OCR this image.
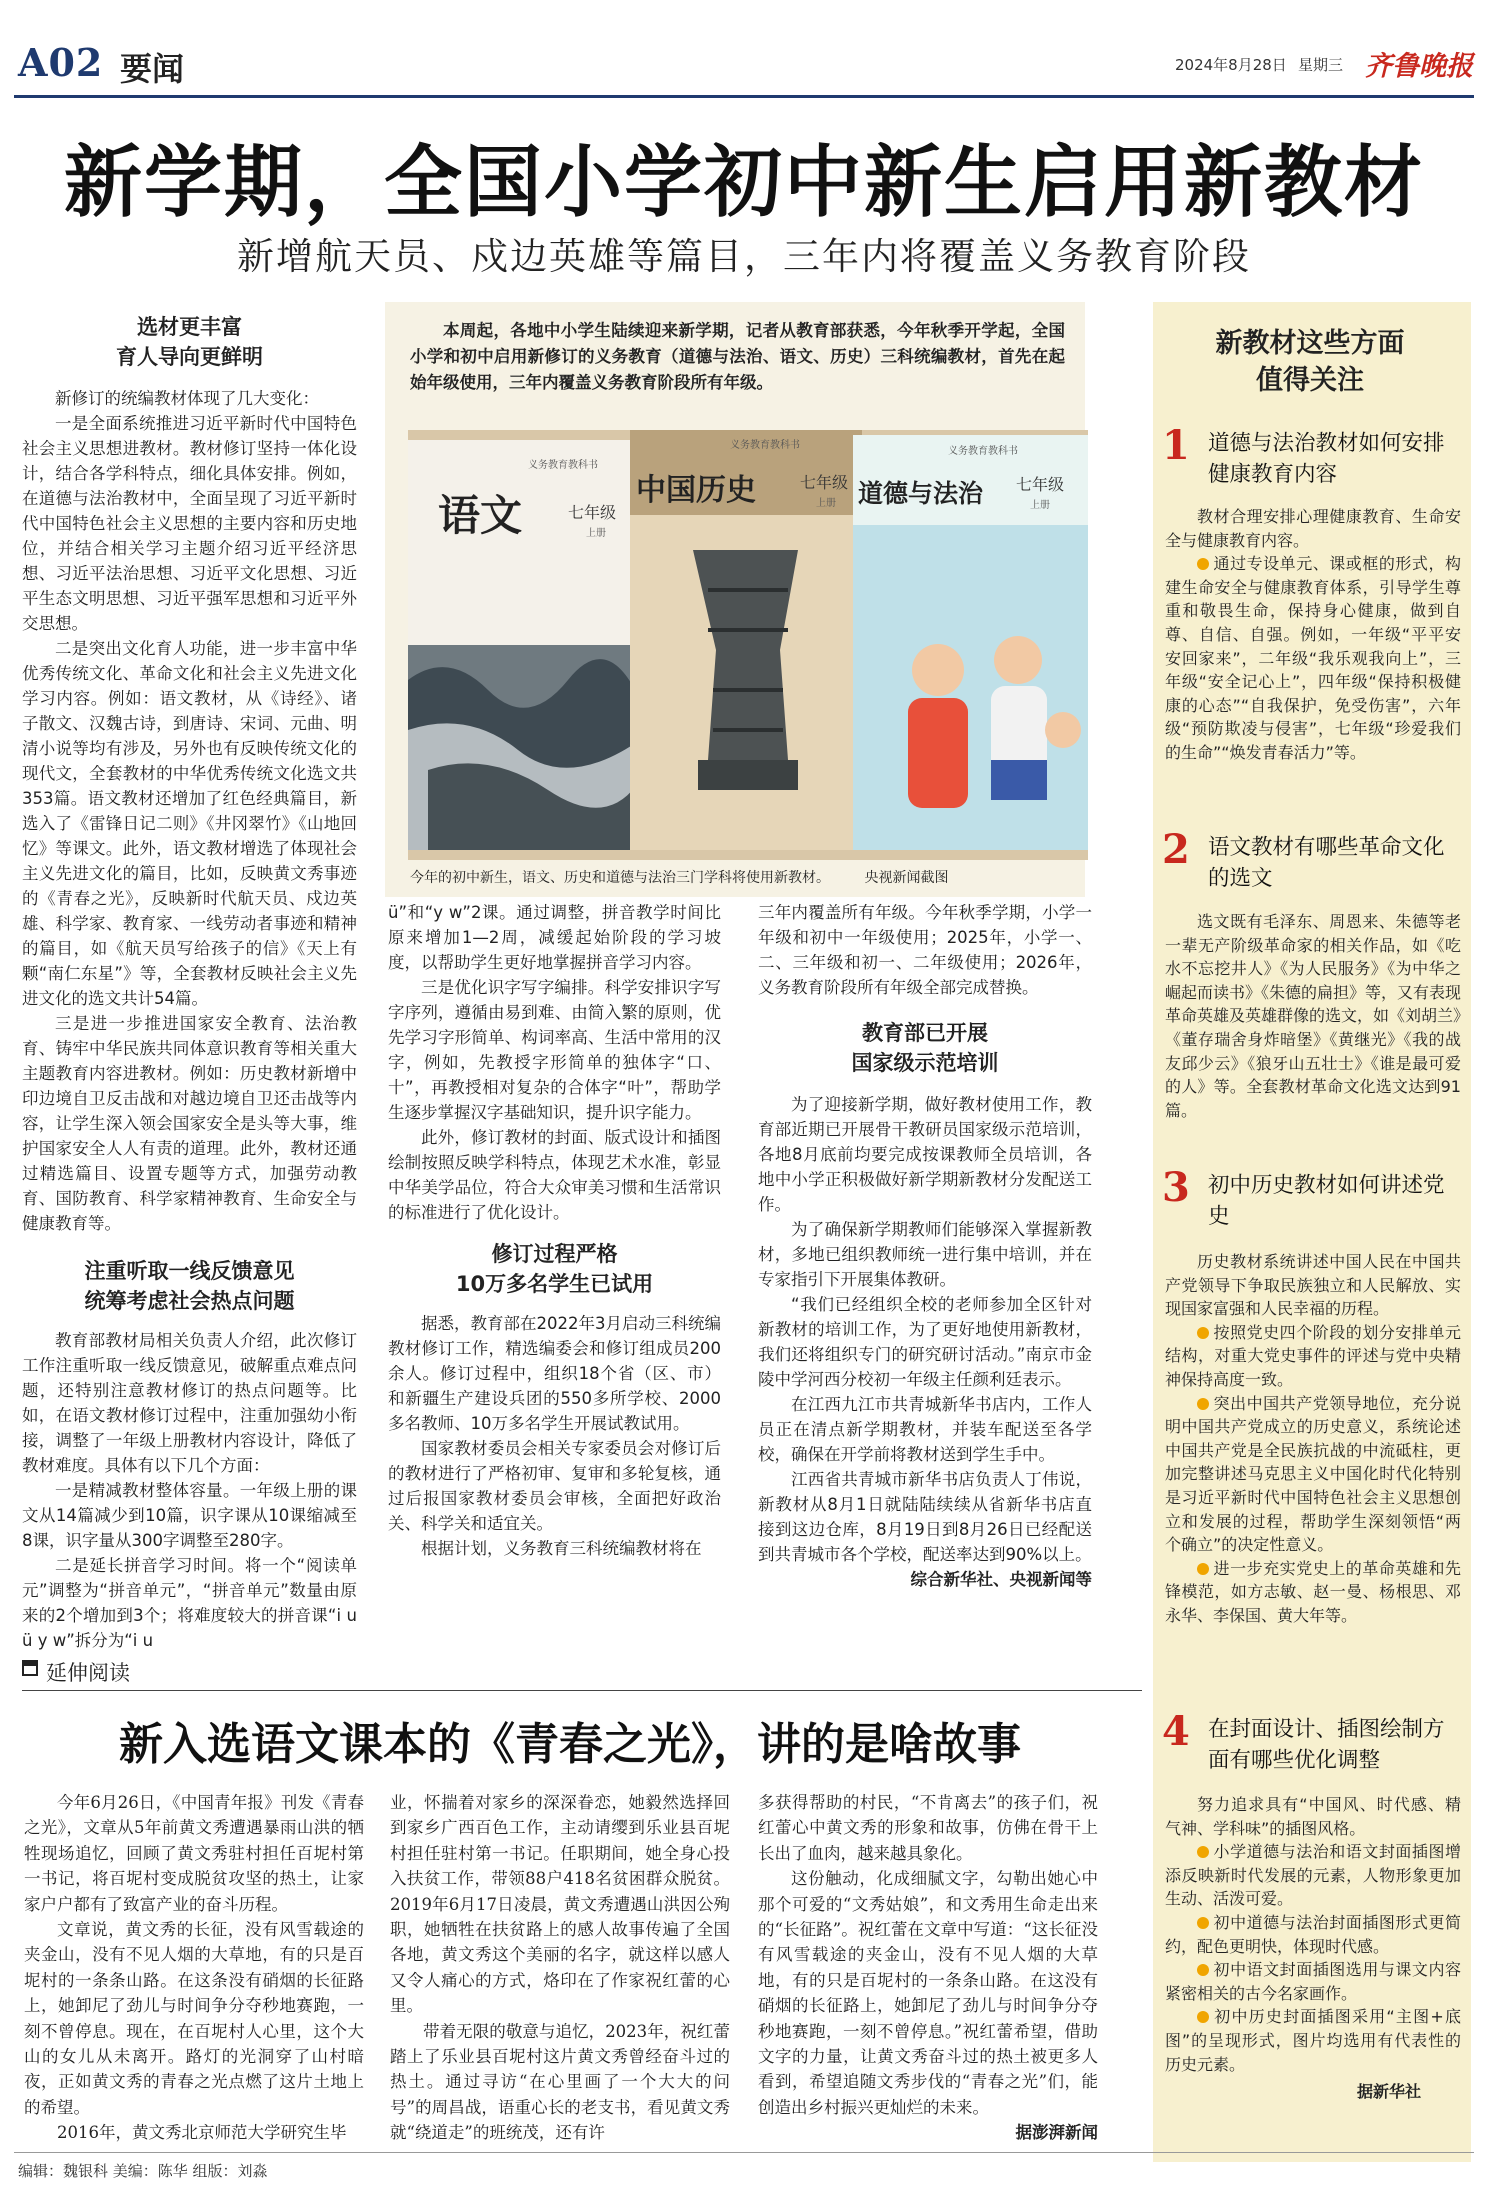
A02 要闻	2024年8月28日 星期三 齐鲁晚报
新学期，全国小学初中新生启用新教材
新增航天员、戍边英雄等篇目，三年内将覆盖义务教育阶段
选材更丰富
育人导向更鲜明

新修订的统编教材体现了几大变化：

一是全面系统推进习近平新时代中国特色社会主义思想进教材。教材修订坚持一体化设计，结合各学科特点，细化具体安排。例如，在道德与法治教材中，全面呈现了习近平新时代中国特色社会主义思想的主要内容和历史地位，并结合相关学习主题介绍习近平经济思想、习近平法治思想、习近平文化思想、习近平生态文明思想、习近平强军思想和习近平外交思想。

二是突出文化育人功能，进一步丰富中华优秀传统文化、革命文化和社会主义先进文化学习内容。例如：语文教材，从《诗经》、诸子散文、汉魏古诗，到唐诗、宋词、元曲、明清小说等均有涉及，另外也有反映传统文化的现代文，全套教材的中华优秀传统文化选文共353篇。语文教材还增加了红色经典篇目，新选入了《雷锋日记二则》《井冈翠竹》《山地回忆》等课文。此外，语文教材增选了体现社会主义先进文化的篇目，比如，反映黄文秀事迹的《青春之光》，反映新时代航天员、戍边英雄、科学家、教育家、一线劳动者事迹和精神的篇目，如《航天员写给孩子的信》《天上有颗“南仁东星”》等，全套教材反映社会主义先进文化的选文共计54篇。

三是进一步推进国家安全教育、法治教育、铸牢中华民族共同体意识教育等相关重大主题教育内容进教材。例如：历史教材新增中印边境自卫反击战和对越边境自卫还击战等内容，让学生深入领会国家安全是头等大事，维护国家安全人人有责的道理。此外，教材还通过精选篇目、设置专题等方式，加强劳动教育、国防教育、科学家精神教育、生命安全与健康教育等。

注重听取一线反馈意见
统筹考虑社会热点问题

教育部教材局相关负责人介绍，此次修订工作注重听取一线反馈意见，破解重点难点问题，还特别注意教材修订的热点问题等。比如，在语文教材修订过程中，注重加强幼小衔接，调整了一年级上册教材内容设计，降低了教材难度。具体有以下几个方面：

一是精减教材整体容量。一年级上册的课文从14篇减少到10篇，识字课从10课缩减至8课，识字量从300字调整至280字。

二是延长拼音学习时间。将一个“阅读单元”调整为“拼音单元”，“拼音单元”数量由原来的2个增加到3个；将难度较大的拼音课“i u ü y w”拆分为“i u

本周起，各地中小学生陆续迎来新学期，记者从教育部获悉，今年秋季开学起，全国小学和初中启用新修订的义务教育（道德与法治、语文、历史）三科统编教材，首先在起始年级使用，三年内覆盖义务教育阶段所有年级。
义务教育教科书
语文	七年级
上册
义务教育教科书
中国历史	七年级
上册
义务教育教科书
道德与法治 七年级
上册
今年的初中新生，语文、历史和道德与法治三门学科将使用新教材。 央视新闻截图

ü”和“y w”2课。通过调整，拼音教学时间比原来增加1—2周，减缓起始阶段的学习坡度，以帮助学生更好地掌握拼音学习内容。

三是优化识字写字编排。科学安排识字写字序列，遵循由易到难、由简入繁的原则，优先学习字形简单、构词率高、生活中常用的汉字，例如，先教授字形简单的独体字“口、十”，再教授相对复杂的合体字“叶”，帮助学生逐步掌握汉字基础知识，提升识字能力。

此外，修订教材的封面、版式设计和插图绘制按照反映学科特点，体现艺术水准，彰显中华美学品位，符合大众审美习惯和生活常识的标准进行了优化设计。

修订过程严格
10万多名学生已试用

据悉，教育部在2022年3月启动三科统编教材修订工作，精选编委会和修订组成员200余人。修订过程中，组织18个省（区、市）和新疆生产建设兵团的550多所学校、2000多名教师、10万多名学生开展试教试用。

国家教材委员会相关专家委员会对修订后的教材进行了严格初审、复审和多轮复核，通过后报国家教材委员会审核，全面把好政治关、科学关和适宜关。

根据计划，义务教育三科统编教材将在

三年内覆盖所有年级。今年秋季学期，小学一年级和初中一年级使用；2025年，小学一、二、三年级和初一、二年级使用；2026年，义务教育阶段所有年级全部完成替换。

教育部已开展
国家级示范培训

为了迎接新学期，做好教材使用工作，教育部近期已开展骨干教研员国家级示范培训，各地8月底前均要完成按课教师全员培训，各地中小学正积极做好新学期新教材分发配送工作。

为了确保新学期教师们能够深入掌握新教材，多地已组织教师统一进行集中培训，并在专家指引下开展集体教研。

“我们已经组织全校的老师参加全区针对新教材的培训工作，为了更好地使用新教材，我们还将组织专门的研究研讨活动。”南京市金陵中学河西分校初一年级主任颜利廷表示。

在江西九江市共青城新华书店内，工作人员正在清点新学期教材，并装车配送至各学校，确保在开学前将教材送到学生手中。

江西省共青城市新华书店负责人丁伟说，新教材从8月1日就陆陆续续从省新华书店直接到这边仓库，8月19日到8月26日已经配送到共青城市各个学校，配送率达到90%以上。

综合新华社、央视新闻等
新教材这些方面
值得关注
1 道德与法治教材如何安排健康教育内容

教材合理安排心理健康教育、生命安全与健康教育内容。

通过专设单元、课或框的形式，构建生命安全与健康教育体系，引导学生尊重和敬畏生命，保持身心健康，做到自尊、自信、自强。例如，一年级“平平安安回家来”，二年级“我乐观我向上”，三年级“安全记心上”，四年级“保持积极健康的心态”“自我保护，免受伤害”，六年级“预防欺凌与侵害”，七年级“珍爱我们的生命”“焕发青春活力”等。

2 语文教材有哪些革命文化的选文

选文既有毛泽东、周恩来、朱德等老一辈无产阶级革命家的相关作品，如《吃水不忘挖井人》《为人民服务》《为中华之崛起而读书》《朱德的扁担》等，又有表现革命英雄及英雄群像的选文，如《刘胡兰》《董存瑞舍身炸暗堡》《黄继光》《我的战友邱少云》《狼牙山五壮士》《谁是最可爱的人》等。全套教材革命文化选文达到91篇。

3 初中历史教材如何讲述党史

历史教材系统讲述中国人民在中国共产党领导下争取民族独立和人民解放、实现国家富强和人民幸福的历程。

按照党史四个阶段的划分安排单元结构，对重大党史事件的评述与党中央精神保持高度一致。

突出中国共产党领导地位，充分说明中国共产党成立的历史意义，系统论述中国共产党是全民族抗战的中流砥柱，更加完整讲述马克思主义中国化时代化特别是习近平新时代中国特色社会主义思想创立和发展的过程，帮助学生深刻领悟“两个确立”的决定性意义。

进一步充实党史上的革命英雄和先锋模范，如方志敏、赵一曼、杨根思、邓永华、李保国、黄大年等。

4 在封面设计、插图绘制方面有哪些优化调整

努力追求具有“中国风、时代感、精气神、学科味”的插图风格。

小学道德与法治和语文封面插图增添反映新时代发展的元素，人物形象更加生动、活泼可爱。

初中道德与法治封面插图形式更简约，配色更明快，体现时代感。

初中语文封面插图选用与课文内容紧密相关的古今名家画作。

初中历史封面插图采用“主图+底图”的呈现形式，图片均选用有代表性的历史元素。

据新华社
延伸阅读
新入选语文课本的《青春之光》，讲的是啥故事

今年6月26日，《中国青年报》刊发《青春之光》，文章从5年前黄文秀遭遇暴雨山洪的牺牲现场追忆，回顾了黄文秀驻村担任百坭村第一书记，将百坭村变成脱贫攻坚的热土，让家家户户都有了致富产业的奋斗历程。

文章说，黄文秀的长征，没有风雪载途的夹金山，没有不见人烟的大草地，有的只是百坭村的一条条山路。在这条没有硝烟的长征路上，她卸尼了劲儿与时间争分夺秒地赛跑，一刻不曾停息。现在，在百坭村人心里，这个大山的女儿从未离开。路灯的光洞穿了山村暗夜，正如黄文秀的青春之光点燃了这片土地上的希望。

2016年，黄文秀北京师范大学研究生毕

业，怀揣着对家乡的深深眷恋，她毅然选择回到家乡广西百色工作，主动请缨到乐业县百坭村担任驻村第一书记。任职期间，她全身心投入扶贫工作，带领88户418名贫困群众脱贫。2019年6月17日凌晨，黄文秀遭遇山洪因公殉职，她牺牲在扶贫路上的感人故事传遍了全国各地，黄文秀这个美丽的名字，就这样以感人又令人痛心的方式，烙印在了作家祝红蕾的心里。

带着无限的敬意与追忆，2023年，祝红蕾踏上了乐业县百坭村这片黄文秀曾经奋斗过的热土。通过寻访“在心里画了一个大大的问号”的周昌战，语重心长的老支书，看见黄文秀就“绕道走”的班统茂，还有许

多获得帮助的村民，“不肯离去”的孩子们，祝红蕾心中黄文秀的形象和故事，仿佛在骨干上长出了血肉，越来越具象化。

这份触动，化成细腻文字，勾勒出她心中那个可爱的“文秀姑娘”，和文秀用生命走出来的“长征路”。祝红蕾在文章中写道：“这长征没有风雪载途的夹金山，没有不见人烟的大草地，有的只是百坭村的一条条山路。在这没有硝烟的长征路上，她卸尼了劲儿与时间争分夺秒地赛跑，一刻不曾停息。”祝红蕾希望，借助文字的力量，让黄文秀奋斗过的热土被更多人看到，希望追随文秀步伐的“青春之光”们，能创造出乡村振兴更灿烂的未来。

据澎湃新闻
编辑：魏银科 美编：陈华 组版：刘淼
